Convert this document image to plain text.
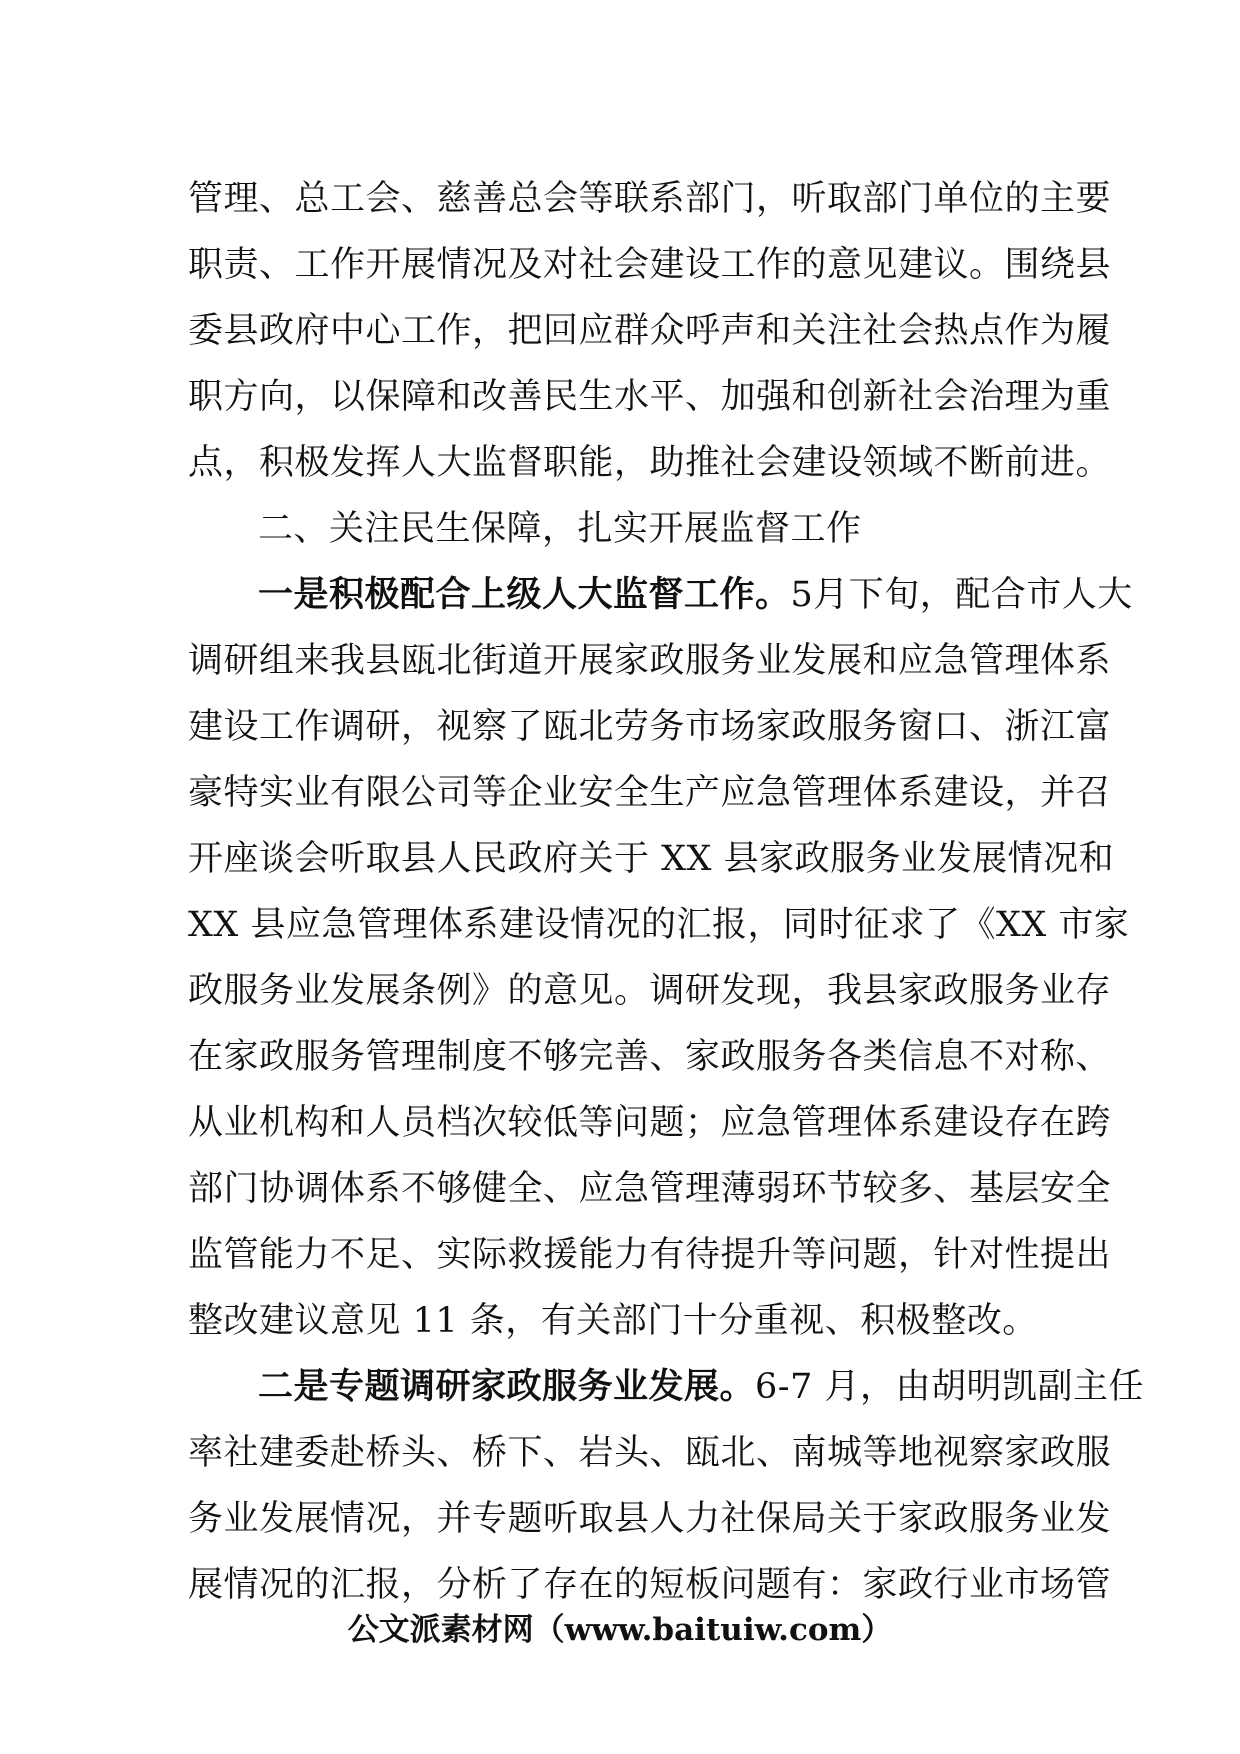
管理、总工会、慈善总会等联系部门，听取部门单位的主要
职责、工作开展情况及对社会建设工作的意见建议。围绕县
委县政府中心工作，把回应群众呼声和关注社会热点作为履
职方向，以保障和改善民生水平、加强和创新社会治理为重
点，积极发挥人大监督职能，助推社会建设领域不断前进。
二、关注民生保障，扎实开展监督工作
一是积极配合上级人大监督工作。5月下旬，配合市人大
调研组来我县瓯北街道开展家政服务业发展和应急管理体系
建设工作调研，视察了瓯北劳务市场家政服务窗口、浙江富
豪特实业有限公司等企业安全生产应急管理体系建设，并召
开座谈会听取县人民政府关于 XX 县家政服务业发展情况和
XX 县应急管理体系建设情况的汇报，同时征求了《XX 市家
政服务业发展条例》的意见。调研发现，我县家政服务业存
在家政服务管理制度不够完善、家政服务各类信息不对称、
从业机构和人员档次较低等问题；应急管理体系建设存在跨
部门协调体系不够健全、应急管理薄弱环节较多、基层安全
监管能力不足、实际救援能力有待提升等问题，针对性提出
整改建议意见 11 条，有关部门十分重视、积极整改。
二是专题调研家政服务业发展。6-7 月，由胡明凯副主任
率社建委赴桥头、桥下、岩头、瓯北、南城等地视察家政服
务业发展情况，并专题听取县人力社保局关于家政服务业发
展情况的汇报，分析了存在的短板问题有：家政行业市场管
公文派素材网（www.baituiw.com）
